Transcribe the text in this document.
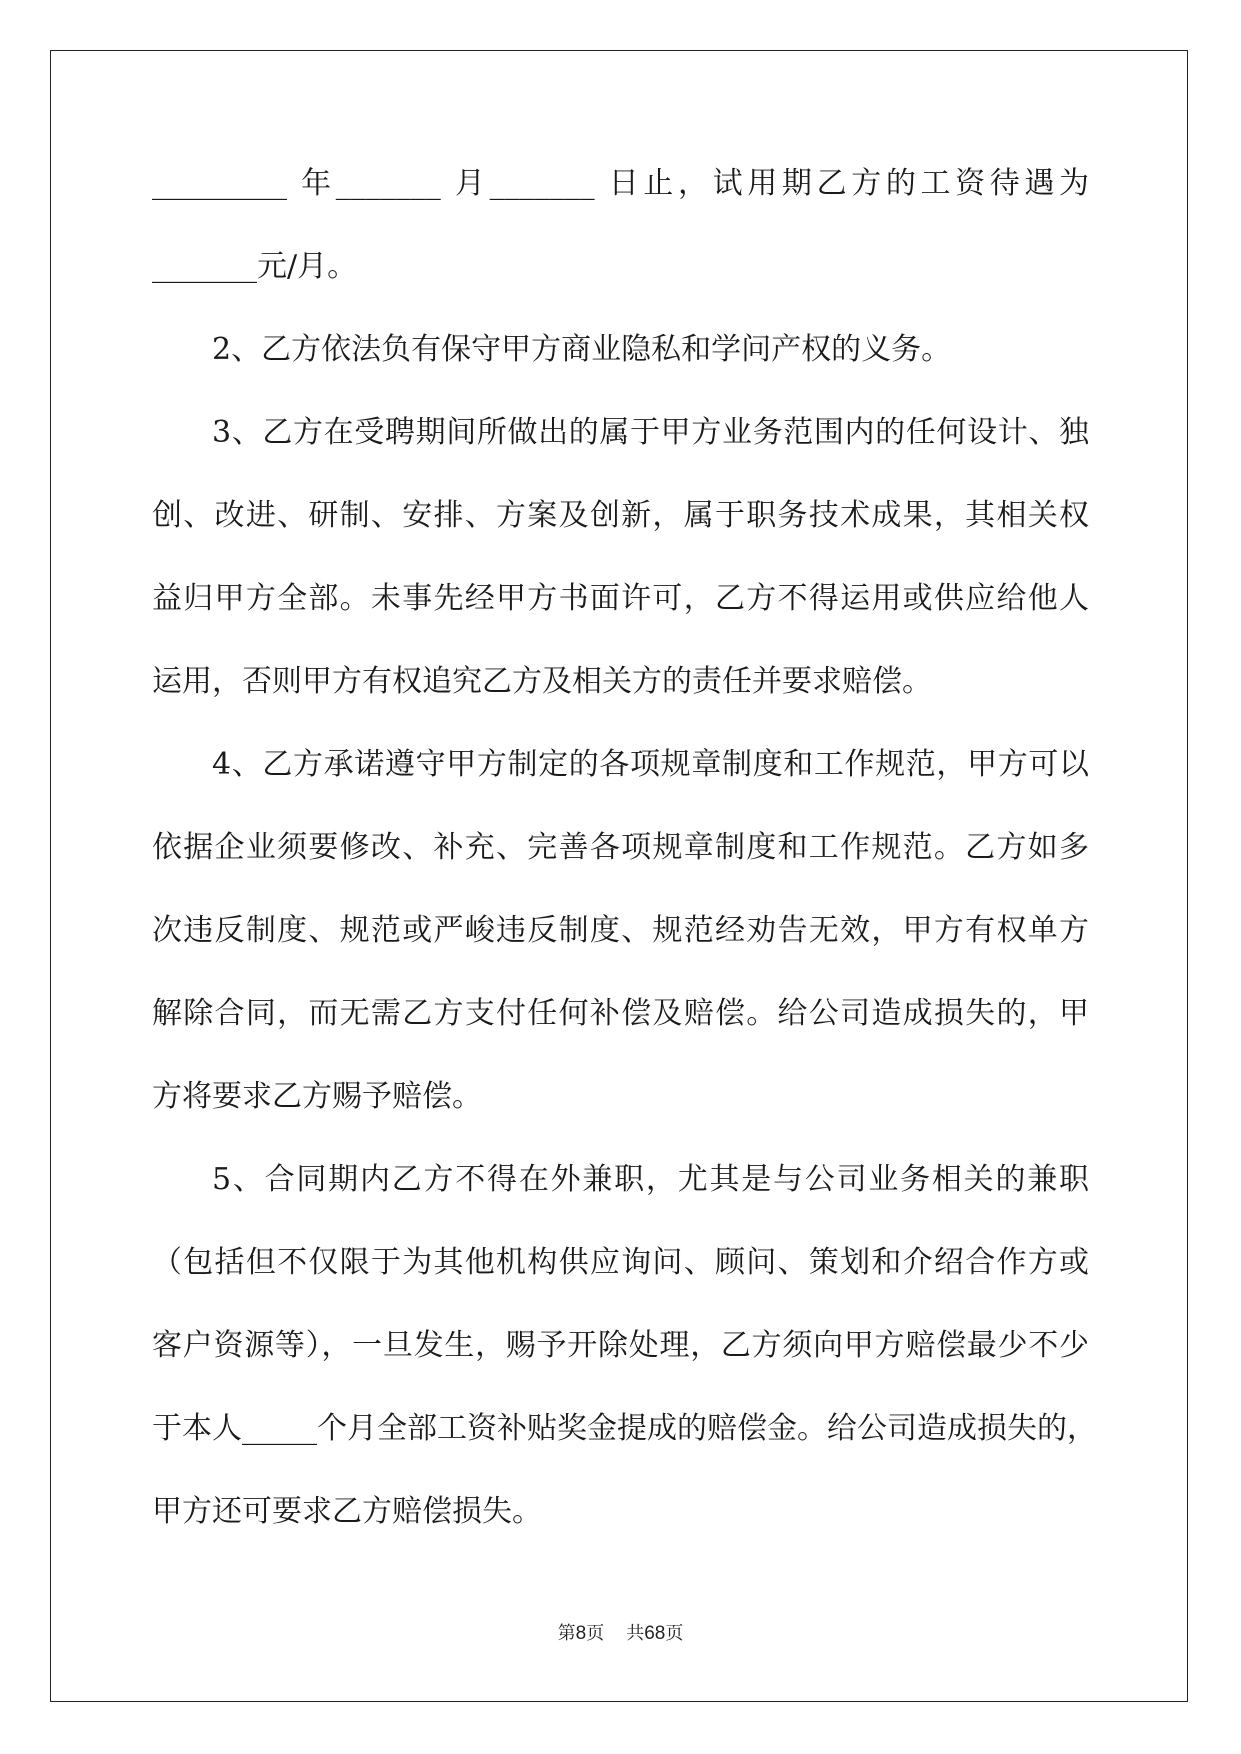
_________ 年_______ 月_______ 日止，试用期乙方的工资待遇为
_______元/月。
2、乙方依法负有保守甲方商业隐私和学问产权的义务。
3、乙方在受聘期间所做出的属于甲方业务范围内的任何设计、独
创、改进、研制、安排、方案及创新，属于职务技术成果，其相关权
益归甲方全部。未事先经甲方书面许可，乙方不得运用或供应给他人
运用，否则甲方有权追究乙方及相关方的责任并要求赔偿。
4、乙方承诺遵守甲方制定的各项规章制度和工作规范，甲方可以
依据企业须要修改、补充、完善各项规章制度和工作规范。乙方如多
次违反制度、规范或严峻违反制度、规范经劝告无效，甲方有权单方
解除合同，而无需乙方支付任何补偿及赔偿。给公司造成损失的，甲
方将要求乙方赐予赔偿。
5、合同期内乙方不得在外兼职，尤其是与公司业务相关的兼职
（包括但不仅限于为其他机构供应询问、顾问、策划和介绍合作方或
客户资源等），一旦发生，赐予开除处理，乙方须向甲方赔偿最少不少
于本人_____个月全部工资补贴奖金提成的赔偿金。给公司造成损失的，
甲方还可要求乙方赔偿损失。
第8页 共68页
